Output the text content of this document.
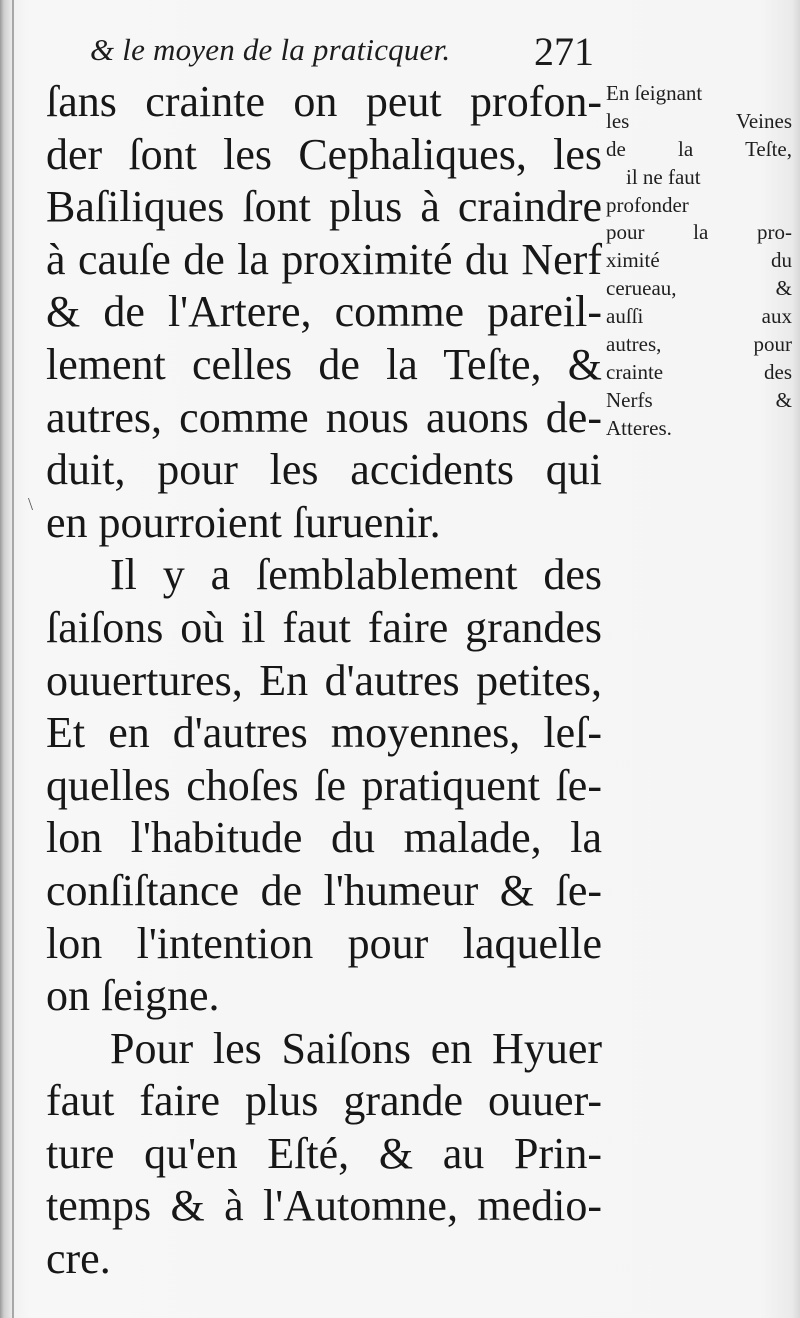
& le moyen de la praticquer. 271
ſans crainte on peut profon-
der ſont les Cephaliques, les
Baſiliques ſont plus à craindre
à cauſe de la proximité du Nerf
& de l'Artere, comme pareil-
lement celles de la Teſte, &
autres, comme nous auons de-
duit, pour les accidents qui
en pourroient ſuruenir.
Il y a ſemblablement des
ſaiſons où il faut faire grandes
ouuertures, En d'autres petites,
Et en d'autres moyennes, leſ-
quelles choſes ſe pratiquent ſe-
lon l'habitude du malade, la
conſiſtance de l'humeur & ſe-
lon l'intention pour laquelle
on ſeigne.
Pour les Saiſons en Hyuer
faut faire plus grande ouuer-
ture qu'en Eſté, & au Prin-
temps & à l'Automne, medio-
cre.
En ſeignant
les Veines
de la Teſte,
il ne faut
profonder
pour la pro-
ximité du
cerueau, &
auſſi aux
autres, pour
crainte des
Nerfs &
Atteres.
\
